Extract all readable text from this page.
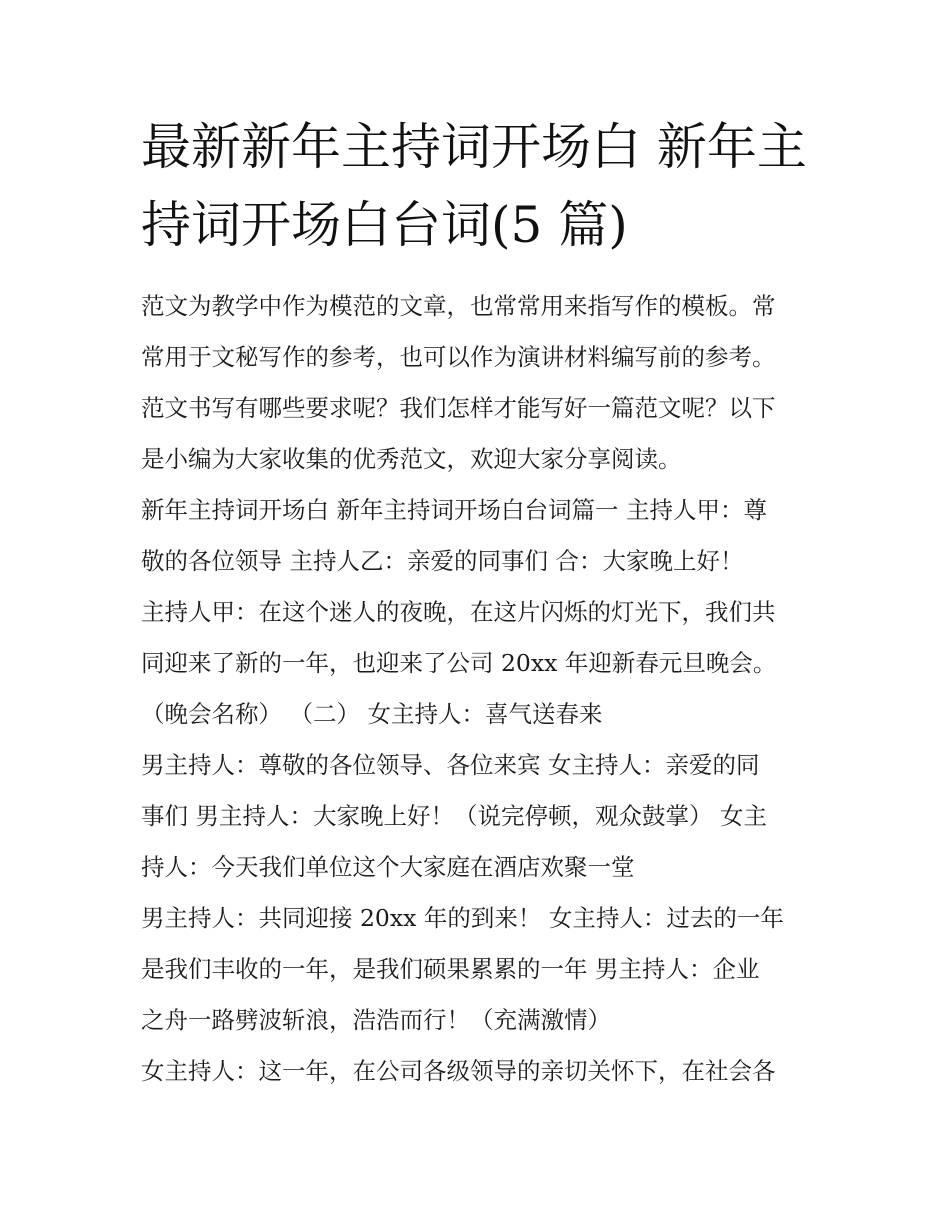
最新新年主持词开场白 新年主持词开场白台词(5 篇)
范文为教学中作为模范的文章，也常常用来指写作的模板。常
常用于文秘写作的参考，也可以作为演讲材料编写前的参考。
范文书写有哪些要求呢？我们怎样才能写好一篇范文呢？以下
是小编为大家收集的优秀范文，欢迎大家分享阅读。
新年主持词开场白 新年主持词开场白台词篇一 主持人甲：尊
敬的各位领导 主持人乙：亲爱的同事们 合：大家晚上好！
主持人甲：在这个迷人的夜晚，在这片闪烁的灯光下，我们共
同迎来了新的一年，也迎来了公司 20xx 年迎新春元旦晚会。
（晚会名称） （二） 女主持人：喜气送春来
男主持人：尊敬的各位领导、各位来宾 女主持人：亲爱的同
事们 男主持人：大家晚上好！（说完停顿，观众鼓掌） 女主
持人：今天我们单位这个大家庭在酒店欢聚一堂
男主持人：共同迎接 20xx 年的到来！ 女主持人：过去的一年
是我们丰收的一年，是我们硕果累累的一年 男主持人：企业
之舟一路劈波斩浪，浩浩而行！（充满激情）
女主持人：这一年，在公司各级领导的亲切关怀下，在社会各
